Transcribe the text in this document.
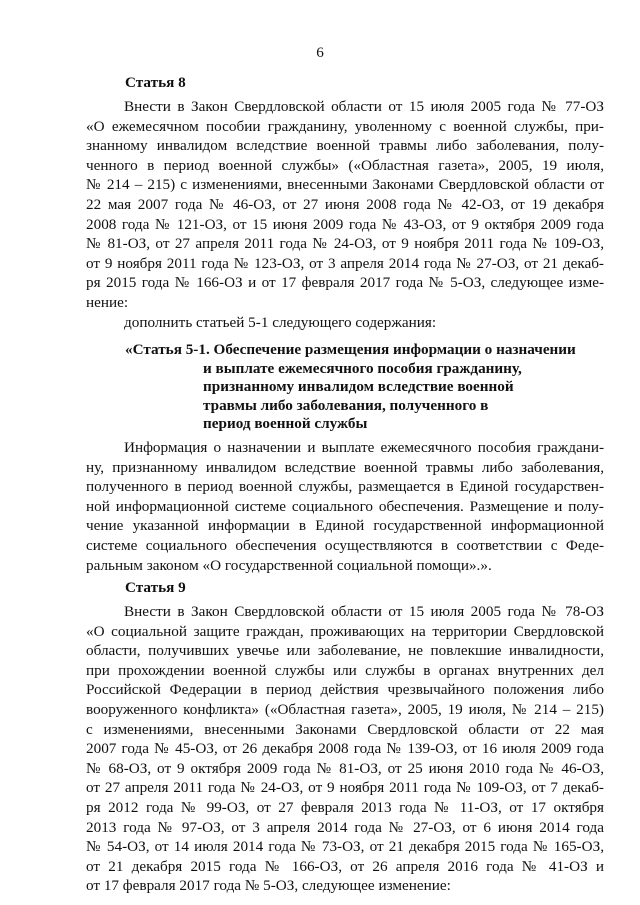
6
Статья 8
Внести в Закон Свердловской области от 15 июля 2005 года № 77-ОЗ
«О ежемесячном пособии гражданину, уволенному с военной службы, при-
знанному инвалидом вследствие военной травмы либо заболевания, полу-
ченного в период военной службы» («Областная газета», 2005, 19 июля,
№ 214 – 215) с изменениями, внесенными Законами Свердловской области от
22 мая 2007 года № 46-ОЗ, от 27 июня 2008 года № 42-ОЗ, от 19 декабря
2008 года № 121-ОЗ, от 15 июня 2009 года № 43-ОЗ, от 9 октября 2009 года
№ 81-ОЗ, от 27 апреля 2011 года № 24-ОЗ, от 9 ноября 2011 года № 109-ОЗ,
от 9 ноября 2011 года № 123-ОЗ, от 3 апреля 2014 года № 27-ОЗ, от 21 декаб-
ря 2015 года № 166-ОЗ и от 17 февраля 2017 года № 5-ОЗ, следующее изме-
нение:
дополнить статьей 5-1 следующего содержания:
«Статья 5-1. Обеспечение размещения информации о назначении
и выплате ежемесячного пособия гражданину,
признанному инвалидом вследствие военной
травмы либо заболевания, полученного в
период военной службы
Информация о назначении и выплате ежемесячного пособия граждани-
ну, признанному инвалидом вследствие военной травмы либо заболевания,
полученного в период военной службы, размещается в Единой государствен-
ной информационной системе социального обеспечения. Размещение и полу-
чение указанной информации в Единой государственной информационной
системе социального обеспечения осуществляются в соответствии с Феде-
ральным законом «О государственной социальной помощи».».
Статья 9
Внести в Закон Свердловской области от 15 июля 2005 года № 78-ОЗ
«О социальной защите граждан, проживающих на территории Свердловской
области, получивших увечье или заболевание, не повлекшие инвалидности,
при прохождении военной службы или службы в органах внутренних дел
Российской Федерации в период действия чрезвычайного положения либо
вооруженного конфликта» («Областная газета», 2005, 19 июля, № 214 – 215)
с изменениями, внесенными Законами Свердловской области от 22 мая
2007 года № 45-ОЗ, от 26 декабря 2008 года № 139-ОЗ, от 16 июля 2009 года
№ 68-ОЗ, от 9 октября 2009 года № 81-ОЗ, от 25 июня 2010 года № 46-ОЗ,
от 27 апреля 2011 года № 24-ОЗ, от 9 ноября 2011 года № 109-ОЗ, от 7 декаб-
ря 2012 года № 99-ОЗ, от 27 февраля 2013 года № 11-ОЗ, от 17 октября
2013 года № 97-ОЗ, от 3 апреля 2014 года № 27-ОЗ, от 6 июня 2014 года
№ 54-ОЗ, от 14 июля 2014 года № 73-ОЗ, от 21 декабря 2015 года № 165-ОЗ,
от 21 декабря 2015 года № 166-ОЗ, от 26 апреля 2016 года № 41-ОЗ и
от 17 февраля 2017 года № 5-ОЗ, следующее изменение:
